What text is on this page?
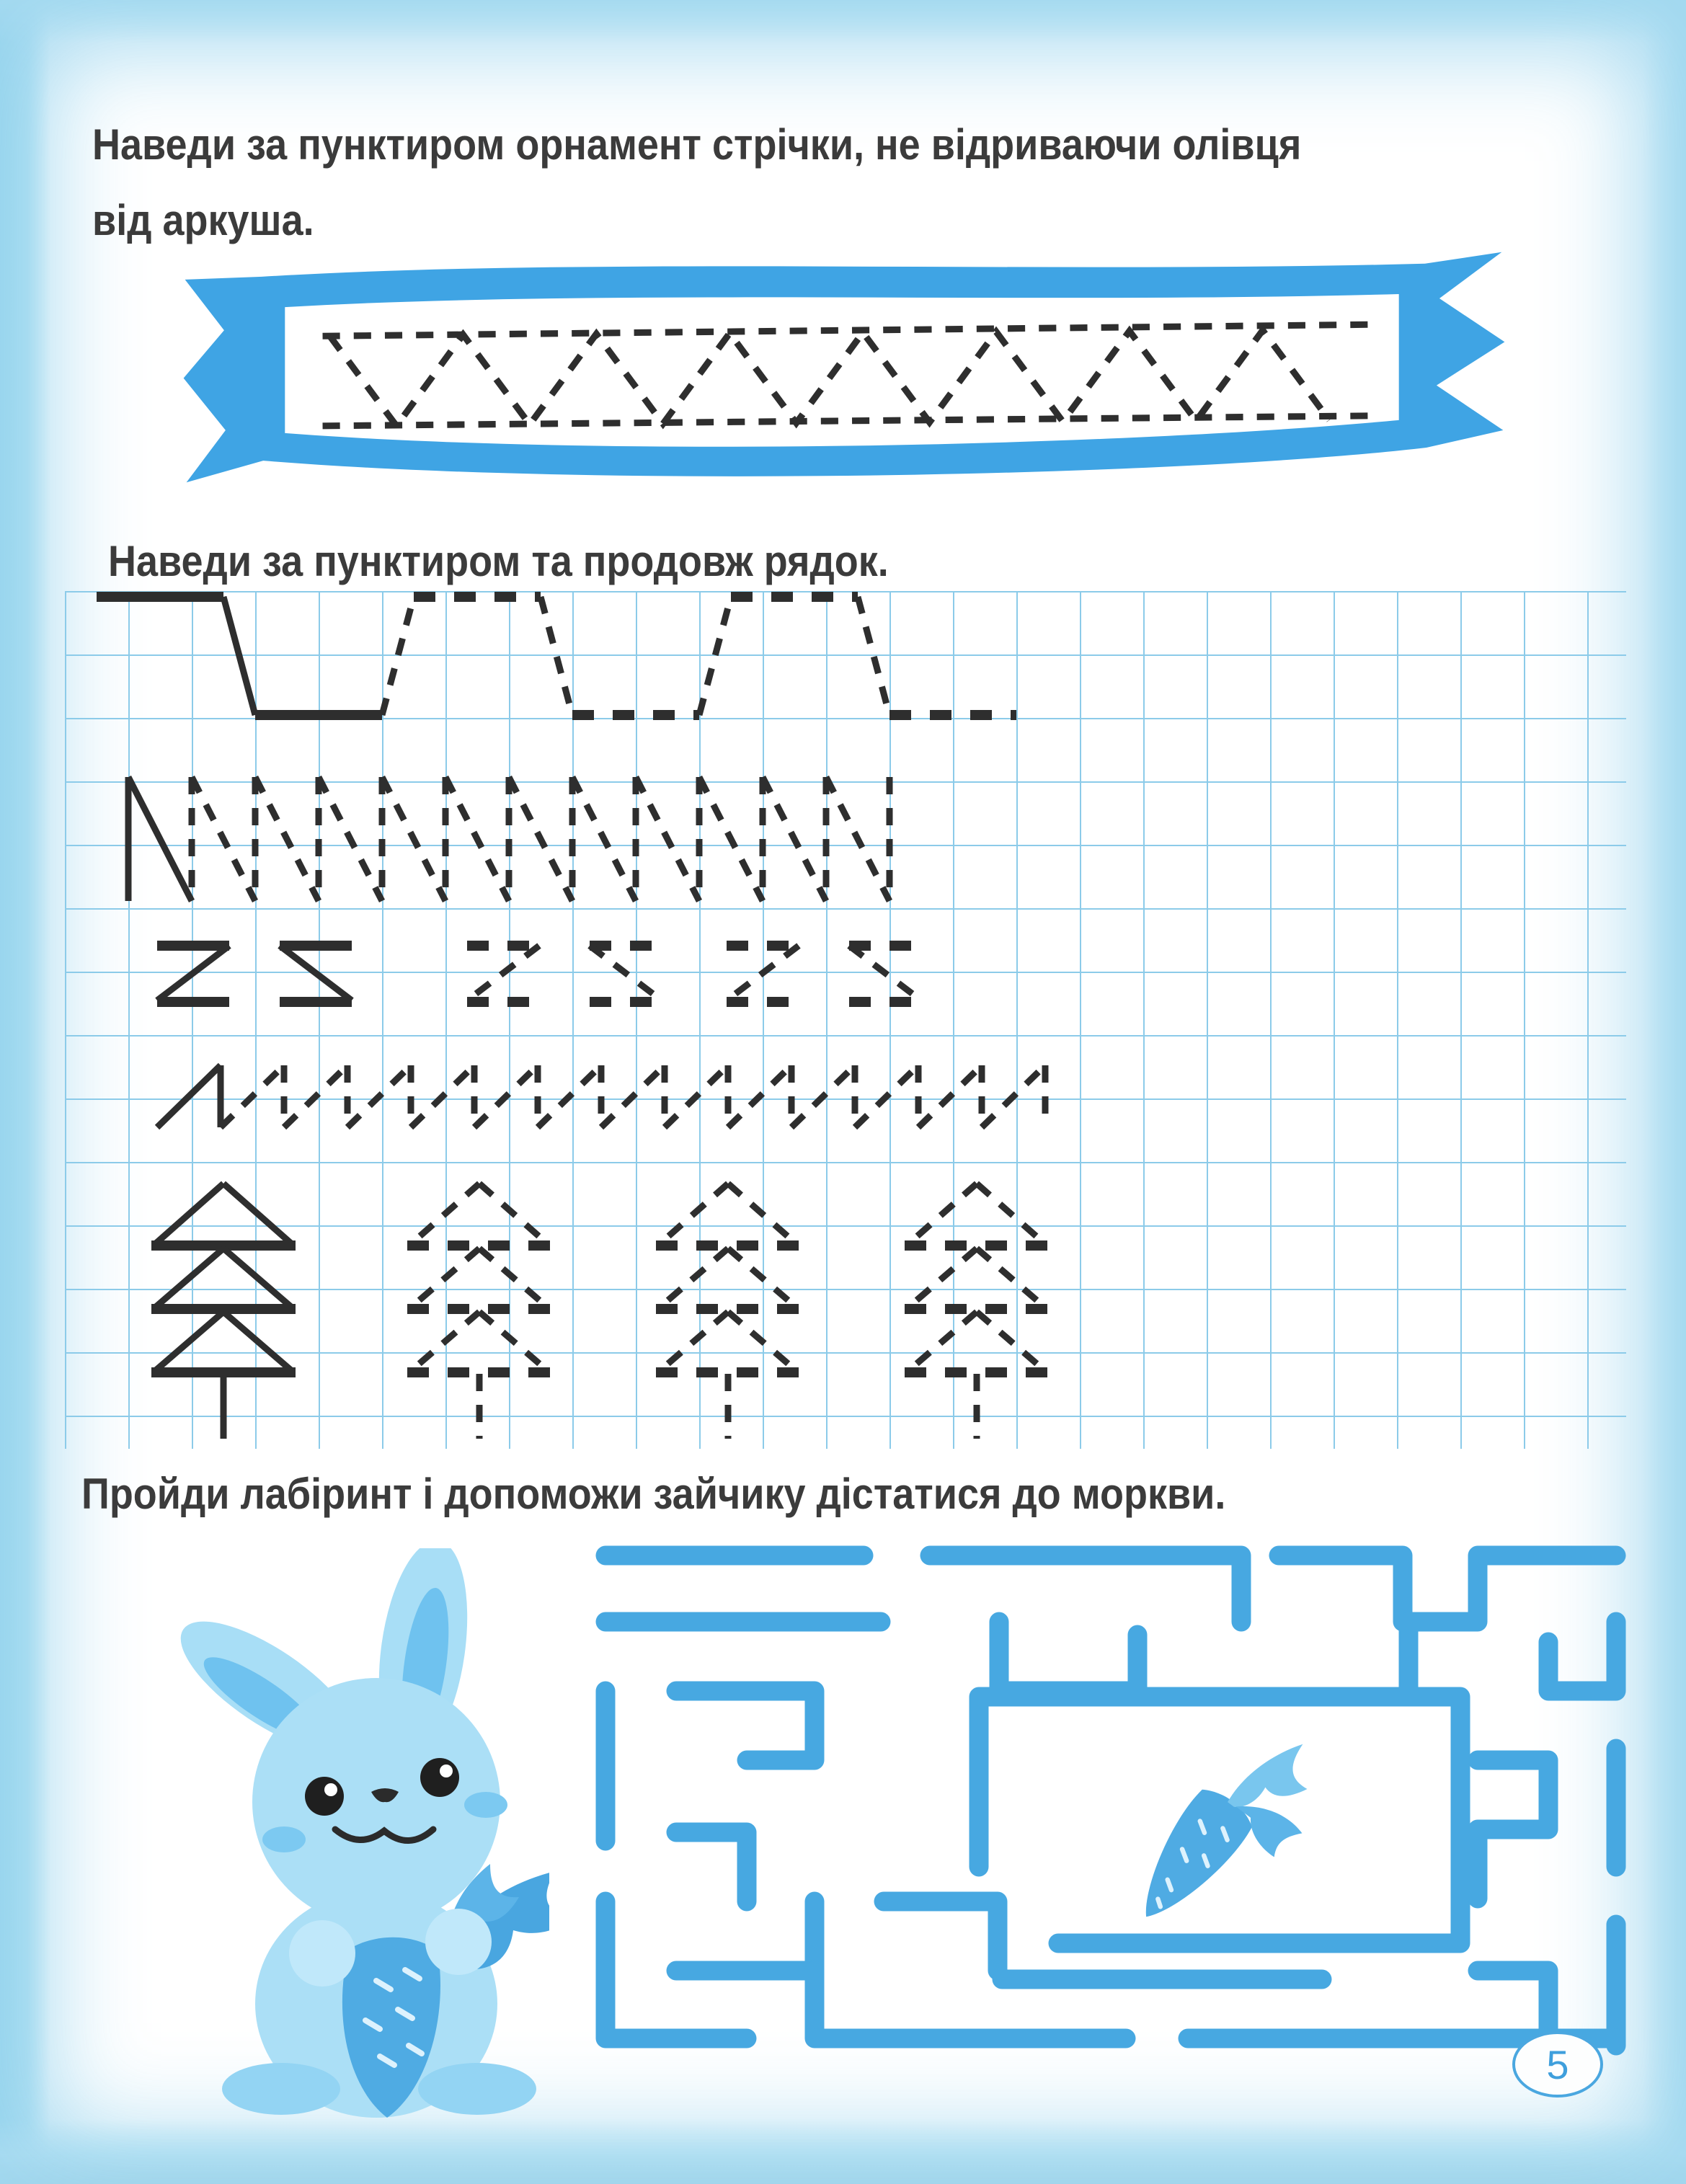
Наведи за пунктиром орнамент стрічки, не відриваючи олівця
від аркуша.
Наведи за пунктиром та продовж рядок.
Пройди лабіринт і допоможи зайчику дістатися до моркви.
5
